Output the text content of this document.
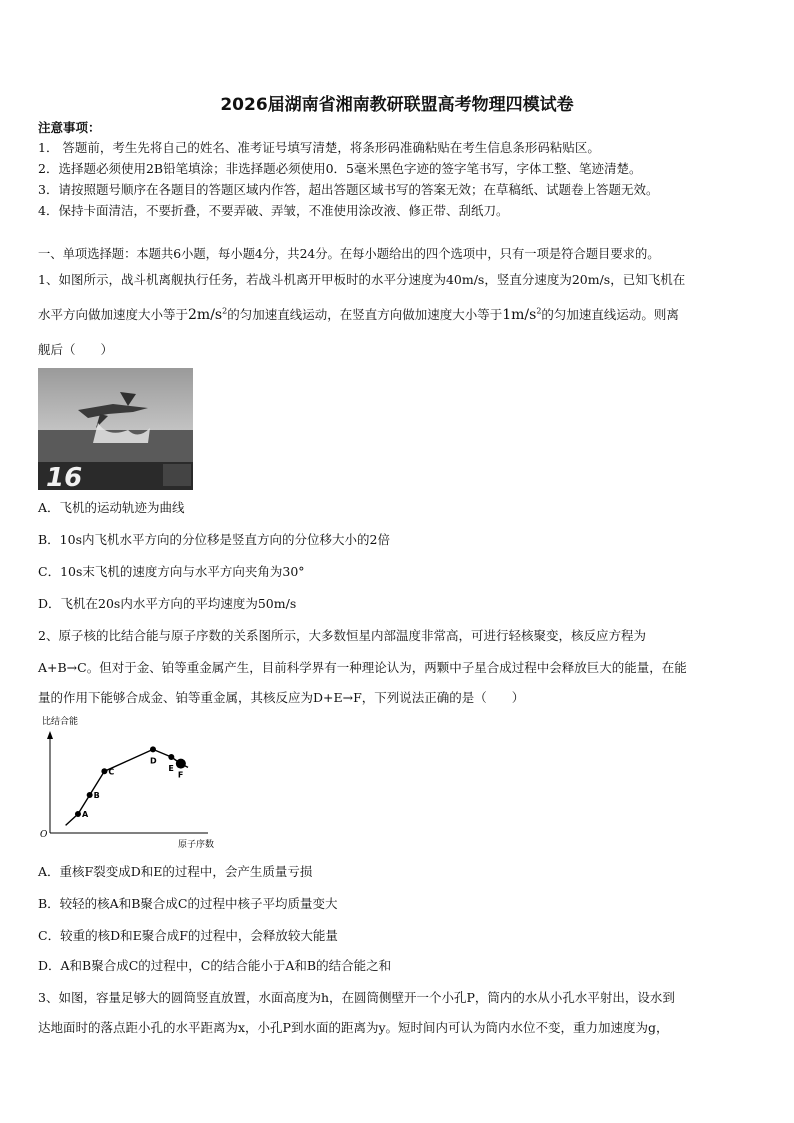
2026届湖南省湘南教研联盟高考物理四模试卷
注意事项：
1． 答题前，考生先将自己的姓名、准考证号填写清楚，将条形码准确粘贴在考生信息条形码粘贴区。
2．选择题必须使用2B铅笔填涂；非选择题必须使用0．5毫米黑色字迹的签字笔书写，字体工整、笔迹清楚。
3．请按照题号顺序在各题目的答题区域内作答，超出答题区域书写的答案无效；在草稿纸、试题卷上答题无效。
4．保持卡面清洁，不要折叠，不要弄破、弄皱，不准使用涂改液、修正带、刮纸刀。
一、单项选择题：本题共6小题，每小题4分，共24分。在每小题给出的四个选项中，只有一项是符合题目要求的。
1、如图所示，战斗机离舰执行任务，若战斗机离开甲板时的水平分速度为40m/s，竖直分速度为20m/s，已知飞机在
水平方向做加速度大小等于$2m/s^2$的匀加速直线运动，在竖直方向做加速度大小等于$1m/s^2$的匀加速直线运动。则离
舰后（　　）
16
A．飞机的运动轨迹为曲线
B．10s内飞机水平方向的分位移是竖直方向的分位移大小的2倍
C．10s末飞机的速度方向与水平方向夹角为30°
D．飞机在20s内水平方向的平均速度为50m/s
2、原子核的比结合能与原子序数的关系图所示，大多数恒星内部温度非常高，可进行轻核聚变，核反应方程为
A+B→C。但对于金、铂等重金属产生，目前科学界有一种理论认为，两颗中子星合成过程中会释放巨大的能量，在能
量的作用下能够合成金、铂等重金属，其核反应为D+E→F，下列说法正确的是（　　）
比结合能
O
原子序数
A
B
C
D
E
F
A．重核F裂变成D和E的过程中，会产生质量亏损
B．较轻的核A和B聚合成C的过程中核子平均质量变大
C．较重的核D和E聚合成F的过程中，会释放较大能量
D．A和B聚合成C的过程中，C的结合能小于A和B的结合能之和
3、如图，容量足够大的圆筒竖直放置，水面高度为h，在圆筒侧壁开一个小孔P，筒内的水从小孔水平射出，设水到
达地面时的落点距小孔的水平距离为x，小孔P到水面的距离为y。短时间内可认为筒内水位不变，重力加速度为g，
